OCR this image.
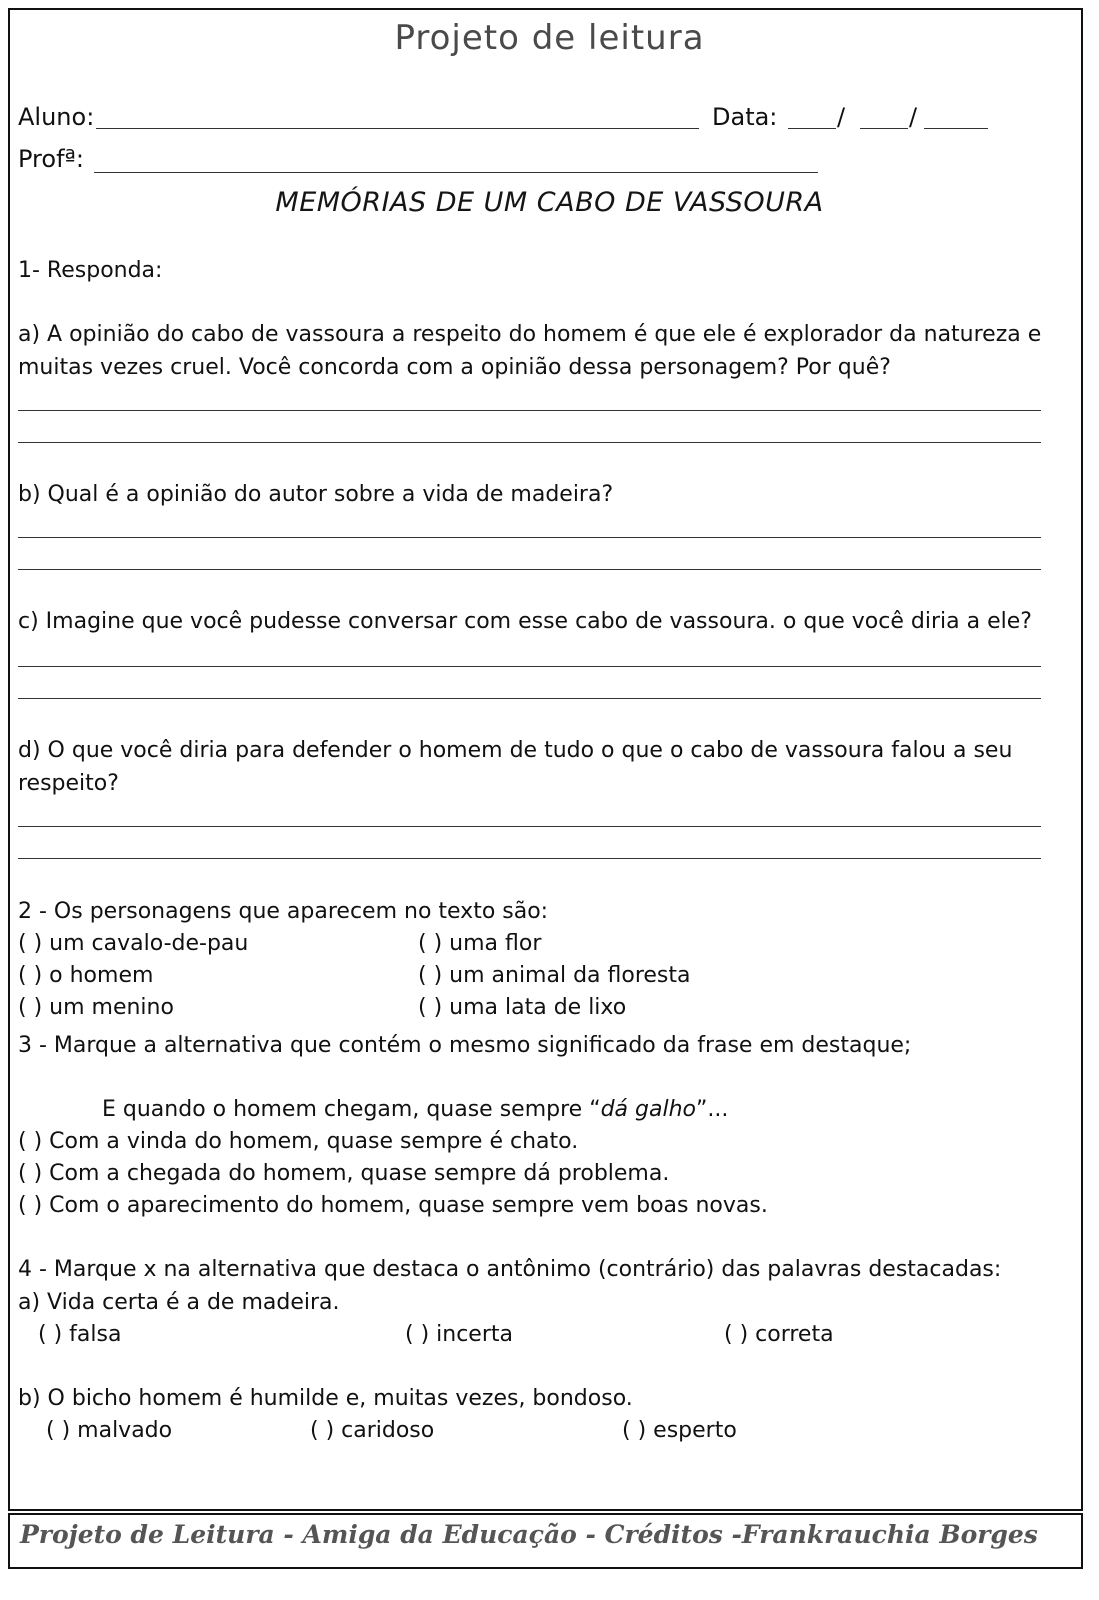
Projeto de leitura
Aluno:	Data: /	/
Profª:
MEMÓRIAS DE UM CABO DE VASSOURA
1- Responda:
a) A opinião do cabo de vassoura a respeito do homem é que ele é explorador da natureza e
muitas vezes cruel. Você concorda com a opinião dessa personagem? Por quê?
b) Qual é a opinião do autor sobre a vida de madeira?
c) Imagine que você pudesse conversar com esse cabo de vassoura. o que você diria a ele?
d) O que você diria para defender o homem de tudo o que o cabo de vassoura falou a seu
respeito?
2 - Os personagens que aparecem no texto são:
( ) um cavalo-de-pau	( ) uma flor
( ) o homem	( ) um animal da floresta
( ) um menino	( ) uma lata de lixo
3 - Marque a alternativa que contém o mesmo significado da frase em destaque;
E quando o homem chegam, quase sempre “dá galho”...
( ) Com a vinda do homem, quase sempre é chato.
( ) Com a chegada do homem, quase sempre dá problema.
( ) Com o aparecimento do homem, quase sempre vem boas novas.
4 - Marque x na alternativa que destaca o antônimo (contrário) das palavras destacadas:
a) Vida certa é a de madeira.
( ) falsa	( ) incerta	( ) correta
b) O bicho homem é humilde e, muitas vezes, bondoso.
( ) malvado	( ) caridoso	( ) esperto
Projeto de Leitura - Amiga da Educação - Créditos -Frankrauchia Borges
